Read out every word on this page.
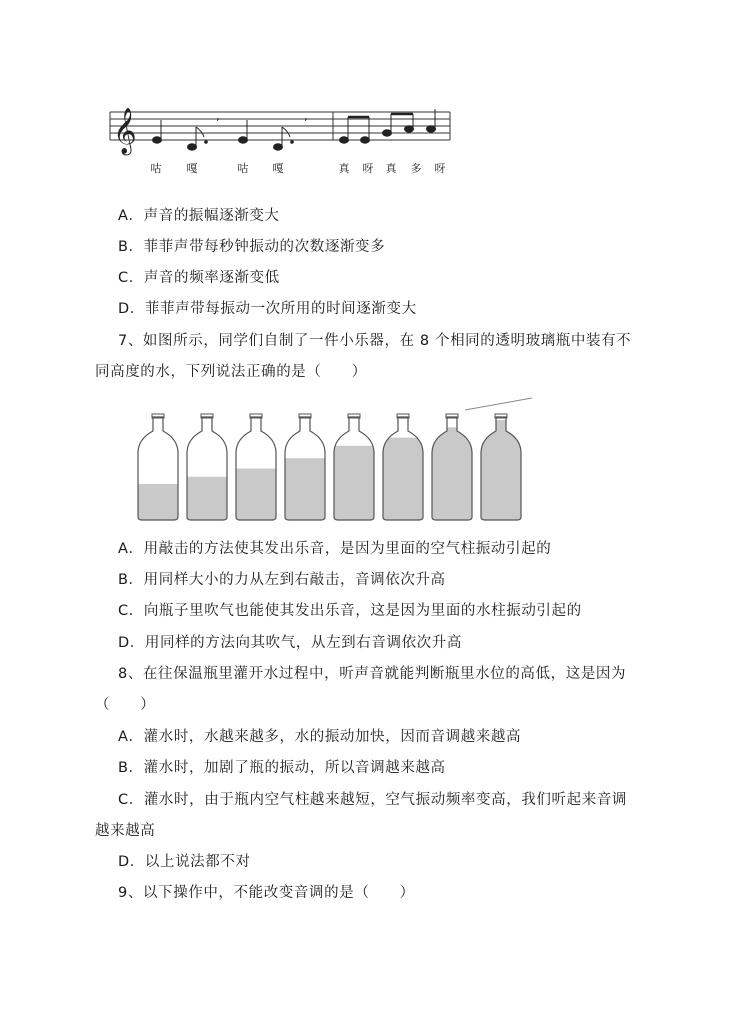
𝄞	ʼ	ʼ
咕	嘎	咕	嘎	真	呀	真	多	呀
A．声音的振幅逐渐变大
B．菲菲声带每秒钟振动的次数逐渐变多
C．声音的频率逐渐变低
D．菲菲声带每振动一次所用的时间逐渐变大
7、如图所示，同学们自制了一件小乐器，在 8 个相同的透明玻璃瓶中装有不
同高度的水，下列说法正确的是（　　）
A．用敲击的方法使其发出乐音，是因为里面的空气柱振动引起的
B．用同样大小的力从左到右敲击，音调依次升高
C．向瓶子里吹气也能使其发出乐音，这是因为里面的水柱振动引起的
D．用同样的方法向其吹气，从左到右音调依次升高
8、在往保温瓶里灌开水过程中，听声音就能判断瓶里水位的高低，这是因为
（　　）
A．灌水时，水越来越多，水的振动加快，因而音调越来越高
B．灌水时，加剧了瓶的振动，所以音调越来越高
C．灌水时，由于瓶内空气柱越来越短，空气振动频率变高，我们听起来音调
越来越高
D．以上说法都不对
9、以下操作中，不能改变音调的是（　　）
